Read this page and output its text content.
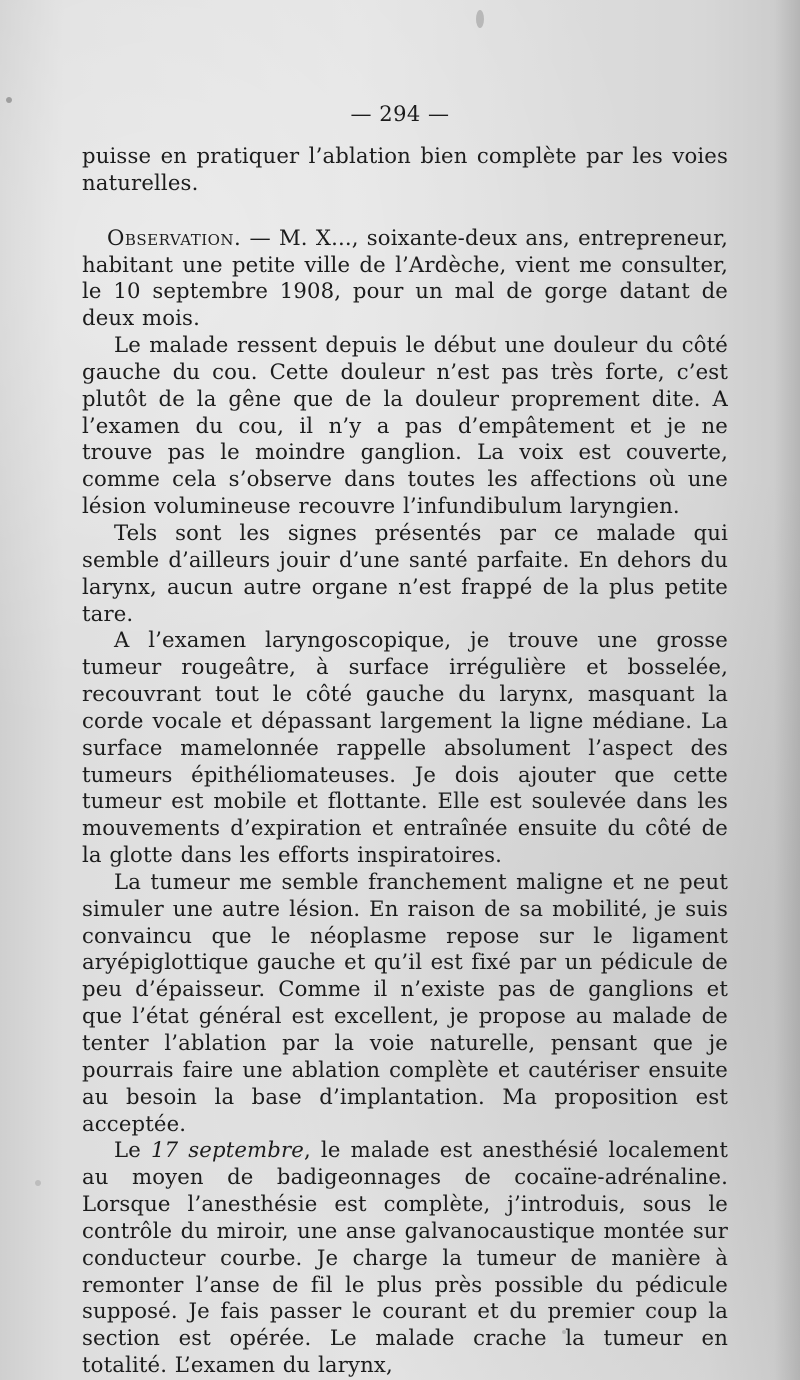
— 294 —

puisse en pratiquer l’ablation bien complète par les voies naturelles.

Observation. — M. X..., soixante-deux ans, entrepreneur, habitant une petite ville de l’Ardèche, vient me consulter, le 10 septembre 1908, pour un mal de gorge datant de deux mois.

Le malade ressent depuis le début une douleur du côté gauche du cou. Cette douleur n’est pas très forte, c’est plutôt de la gêne que de la douleur proprement dite. A l’examen du cou, il n’y a pas d’empâtement et je ne trouve pas le moindre ganglion. La voix est couverte, comme cela s’observe dans toutes les affections où une lésion volumineuse recouvre l’infundibulum laryngien.

Tels sont les signes présentés par ce malade qui semble d’ailleurs jouir d’une santé parfaite. En dehors du larynx, aucun autre organe n’est frappé de la plus petite tare.

A l’examen laryngoscopique, je trouve une grosse tumeur rougeâtre, à surface irrégulière et bosselée, recouvrant tout le côté gauche du larynx, masquant la corde vocale et dépassant largement la ligne médiane. La surface mamelonnée rappelle absolument l’aspect des tumeurs épithéliomateuses. Je dois ajouter que cette tumeur est mobile et flottante. Elle est soulevée dans les mouvements d’expiration et entraînée ensuite du côté de la glotte dans les efforts inspiratoires.

La tumeur me semble franchement maligne et ne peut simuler une autre lésion. En raison de sa mobilité, je suis convaincu que le néoplasme repose sur le ligament aryépiglottique gauche et qu’il est fixé par un pédicule de peu d’épaisseur. Comme il n’existe pas de ganglions et que l’état général est excellent, je propose au malade de tenter l’ablation par la voie naturelle, pensant que je pourrais faire une ablation complète et cautériser ensuite au besoin la base d’implantation. Ma proposition est acceptée.

Le 17 septembre, le malade est anesthésié localement au moyen de badigeonnages de cocaïne-adrénaline. Lorsque l’anesthésie est complète, j’introduis, sous le contrôle du miroir, une anse galvanocaustique montée sur conducteur courbe. Je charge la tumeur de manière à remonter l’anse de fil le plus près possible du pédicule supposé. Je fais passer le courant et du premier coup la section est opérée. Le malade crache la tumeur en totalité. L’examen du larynx,
